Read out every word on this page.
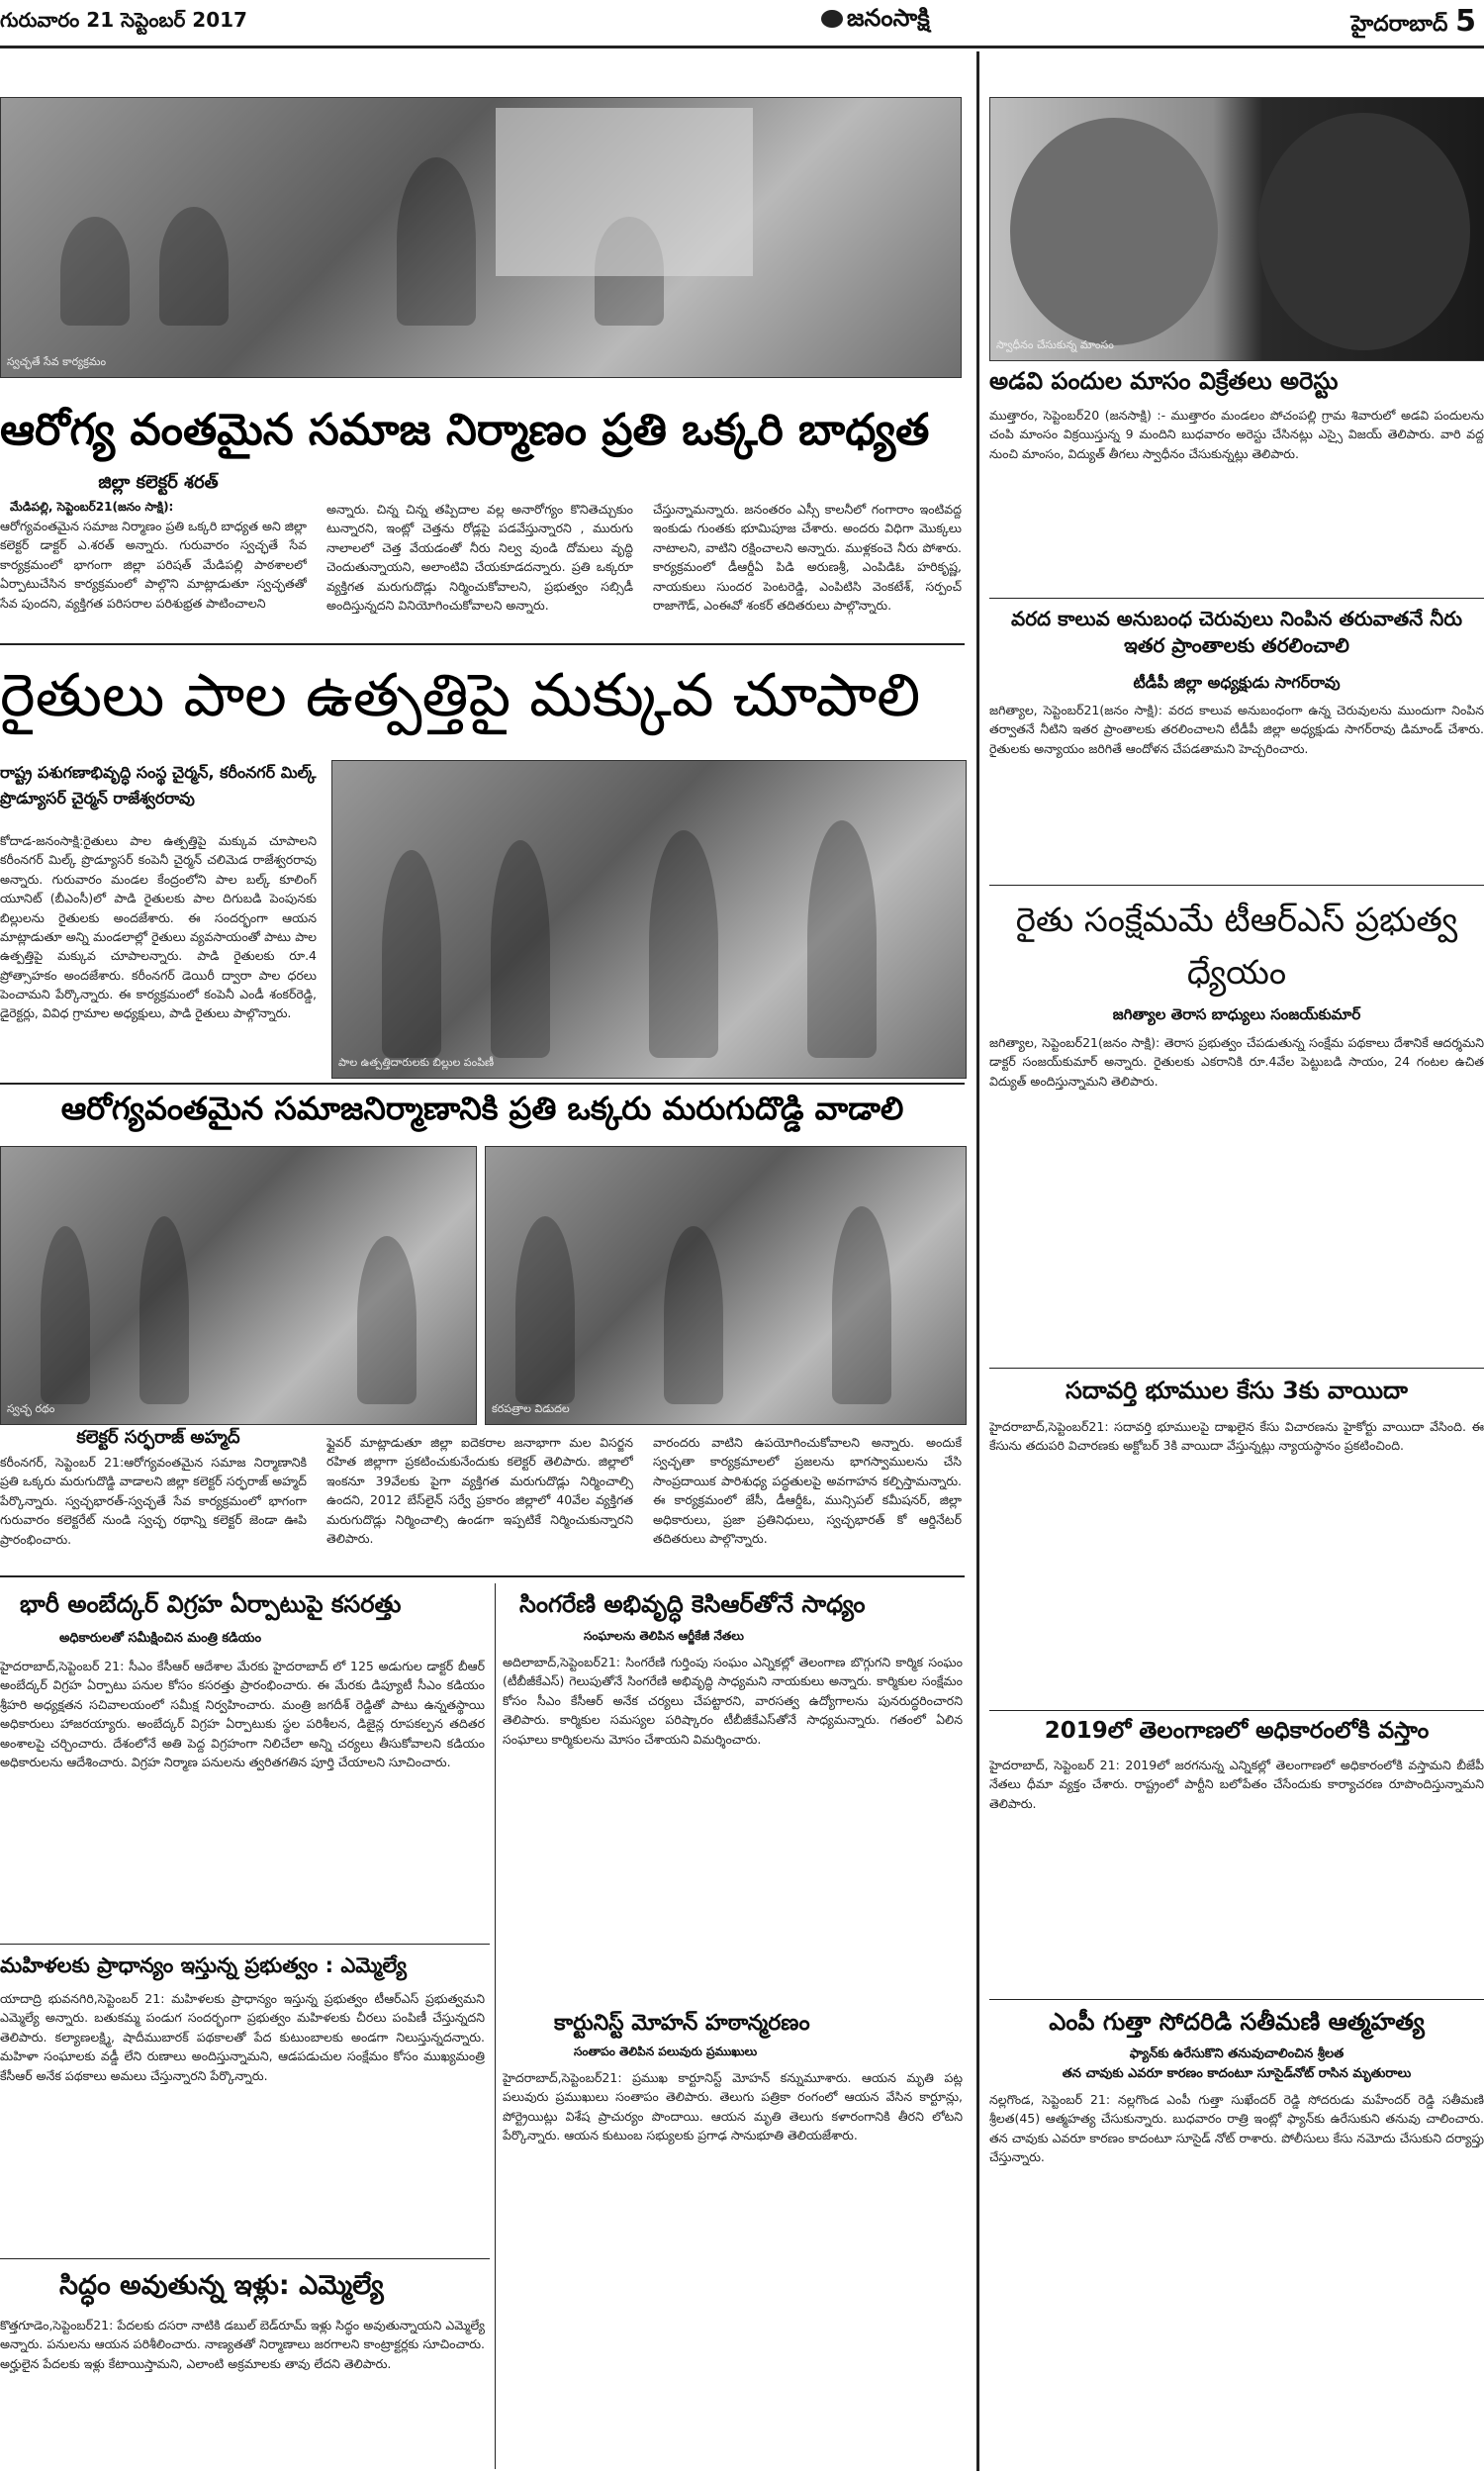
గురువారం 21 సెప్టెంబర్ 2017	జనంసాక్షి	హైదరాబాద్ 5
స్వచ్ఛతే సేవ కార్యక్రమం
ఆరోగ్య వంతమైన సమాజ నిర్మాణం ప్రతి ఒక్కరి బాధ్యత
జిల్లా కలెక్టర్ శరత్
మేడిపల్లి, సెప్టెంబర్21(జనం సాక్షి):
ఆరోగ్యవంతమైన సమాజ నిర్మాణం ప్రతి ఒక్కరి బాధ్యత అని జిల్లా కలెక్టర్ డాక్టర్ ఎ.శరత్ అన్నారు. గురువారం స్వచ్ఛతే సేవ కార్యక్రమంలో భాగంగా జిల్లా పరిషత్ మేడిపల్లి పాఠశాలలో ఏర్పాటుచేసిన కార్యక్రమంలో పాల్గొని మాట్లాడుతూ స్వచ్ఛతతో సేవ పుందని, వ్యక్తిగత పరిసరాల పరిశుభ్రత పాటించాలని
అన్నారు. చిన్న చిన్న తప్పిదాల వల్ల అనారోగ్యం కొనితెచ్చుకుం టున్నారని, ఇంట్లో చెత్తను రోడ్లపై పడవేస్తున్నారని , మురుగు నాలాలలో చెత్త వేయడంతో నీరు నిల్వ వుండి దోమలు వృద్ధి చెందుతున్నాయని, అలాంటివి చేయకూడదన్నారు. ప్రతి ఒక్కరూ వ్యక్తిగత మరుగుదొడ్లు నిర్మించుకోవాలని, ప్రభుత్వం సబ్సిడీ అందిస్తున్నదని వినియోగించుకోవాలని అన్నారు.
చేస్తున్నామన్నారు. జనంతరం ఎస్సీ కాలనీలో గంగారాం ఇంటివద్ద ఇంకుడు గుంతకు భూమిపూజ చేశారు. అందరు విధిగా మొక్కలు నాటాలని, వాటిని రక్షించాలని అన్నారు. ముళ్లకంచె నీరు పోశారు. కార్యక్రమంలో డీఆర్డీఏ పిడి అరుణశ్రీ, ఎంపిడిఓ హరికృష్ణ, నాయకులు సుందర పెంటరెడ్డి, ఎంపిటిసి వెంకటేశ్, సర్పంచ్ రాజాగౌడ్, ఎంఈవో శంకర్ తదితరులు పాల్గొన్నారు.
రైతులు పాల ఉత్పత్తిపై మక్కువ చూపాలి
రాష్ట్ర పశుగణాభివృద్ధి సంస్థ చైర్మన్, కరీంనగర్ మిల్క్ ప్రొడ్యూసర్ చైర్మన్ రాజేశ్వరరావు
కోదాడ-జనంసాక్షి:రైతులు పాల ఉత్పత్తిపై మక్కువ చూపాలని కరీంనగర్ మిల్క్ ప్రొడ్యూసర్ కంపెనీ చైర్మన్ చలిమెడ రాజేశ్వరరావు అన్నారు. గురువారం మండల కేంద్రంలోని పాల బల్క్ కూలింగ్ యూనిట్ (బీఎంసీ)లో పాడి రైతులకు పాల దిగుబడి పెంపునకు బిల్లులను రైతులకు అందజేశారు. ఈ సందర్భంగా ఆయన మాట్లాడుతూ అన్ని మండలాల్లో రైతులు వ్యవసాయంతో పాటు పాల ఉత్పత్తిపై మక్కువ చూపాలన్నారు. పాడి రైతులకు రూ.4 ప్రోత్సాహకం అందజేశారు. కరీంనగర్ డెయిరీ ద్వారా పాల ధరలు పెంచామని పేర్కొన్నారు. ఈ కార్యక్రమంలో కంపెనీ ఎండీ శంకర్‌రెడ్డి, డైరెక్టర్లు, వివిధ గ్రామాల అధ్యక్షులు, పాడి రైతులు పాల్గొన్నారు.
పాల ఉత్పత్తిదారులకు బిల్లుల పంపిణీ
ఆరోగ్యవంతమైన సమాజనిర్మాణానికి ప్రతి ఒక్కరు మరుగుదొడ్డి వాడాలి
స్వచ్ఛ రథం	కరపత్రాల విడుదల
కలెక్టర్ సర్ఫరాజ్ అహ్మద్
కరీంనగర్, సెప్టెంబర్ 21:ఆరోగ్యవంతమైన సమాజ నిర్మాణానికి ప్రతి ఒక్కరు మరుగుదొడ్డి వాడాలని జిల్లా కలెక్టర్ సర్ఫరాజ్ అహ్మద్ పేర్కొన్నారు. స్వచ్ఛభారత్-స్వచ్ఛతే సేవ కార్యక్రమంలో భాగంగా గురువారం కలెక్టరేట్ నుండి స్వచ్ఛ రథాన్ని కలెక్టర్ జెండా ఊపి ప్రారంభించారు.
ఫ్లైవర్ మాట్లాడుతూ జిల్లా ఐదెకరాల జనాభాగా మల విసర్జన రహిత జిల్లాగా ప్రకటించుకునేందుకు కలెక్టర్ తెలిపారు. జిల్లాలో ఇంకనూ 39వేలకు పైగా వ్యక్తిగత మరుగుదొడ్లు నిర్మించాల్సి ఉందని, 2012 బేస్‌లైన్ సర్వే ప్రకారం జిల్లాలో 40వేల వ్యక్తిగత మరుగుదొడ్లు నిర్మించాల్సి ఉండగా ఇప్పటికే నిర్మించుకున్నారని తెలిపారు.
వారందరు వాటిని ఉపయోగించుకోవాలని అన్నారు. అందుకే స్వచ్ఛతా కార్యక్రమాలలో ప్రజలను భాగస్వాములను చేసి సాంప్రదాయిక పారిశుధ్య పద్ధతులపై అవగాహన కల్పిస్తామన్నారు. ఈ కార్యక్రమంలో జేసీ, డీఆర్డీఓ, మున్సిపల్ కమీషనర్, జిల్లా అధికారులు, ప్రజా ప్రతినిధులు, స్వచ్ఛభారత్ కో ఆర్డినేటర్ తదితరులు పాల్గొన్నారు.
భారీ అంబేద్కర్ విగ్రహ ఏర్పాటుపై కసరత్తు
అధికారులతో సమీక్షించిన మంత్రి కడియం
హైదరాబాద్,సెప్టెంబర్ 21: సీఎం కేసీఆర్ ఆదేశాల మేరకు హైదరాబాద్ లో 125 అడుగుల డాక్టర్ బీఆర్ అంబేద్కర్ విగ్రహ ఏర్పాటు పనుల కోసం కసరత్తు ప్రారంభించారు. ఈ మేరకు డిప్యూటీ సీఎం కడియం శ్రీహరి అధ్యక్షతన సచివాలయంలో సమీక్ష నిర్వహించారు. మంత్రి జగదీశ్ రెడ్డితో పాటు ఉన్నతస్థాయి అధికారులు హాజరయ్యారు. అంబేద్కర్ విగ్రహ ఏర్పాటుకు స్థల పరిశీలన, డిజైన్ల రూపకల్పన తదితర అంశాలపై చర్చించారు. దేశంలోనే అతి పెద్ద విగ్రహంగా నిలిచేలా అన్ని చర్యలు తీసుకోవాలని కడియం అధికారులను ఆదేశించారు. విగ్రహ నిర్మాణ పనులను త్వరితగతిన పూర్తి చేయాలని సూచించారు.
మహిళలకు ప్రాధాన్యం ఇస్తున్న ప్రభుత్వం : ఎమ్మెల్యే
యాదాద్రి భువనగిరి,సెప్టెంబర్ 21: మహిళలకు ప్రాధాన్యం ఇస్తున్న ప్రభుత్వం టీఆర్ఎస్ ప్రభుత్వమని ఎమ్మెల్యే అన్నారు. బతుకమ్మ పండుగ సందర్భంగా ప్రభుత్వం మహిళలకు చీరలు పంపిణీ చేస్తున్నదని తెలిపారు. కల్యాణలక్ష్మి, షాదీముబారక్ పథకాలతో పేద కుటుంబాలకు అండగా నిలుస్తున్నదన్నారు. మహిళా సంఘాలకు వడ్డీ లేని రుణాలు అందిస్తున్నామని, ఆడపడుచుల సంక్షేమం కోసం ముఖ్యమంత్రి కేసీఆర్ అనేక పథకాలు అమలు చేస్తున్నారని పేర్కొన్నారు.
సిద్ధం అవుతున్న ఇళ్లు: ఎమ్మెల్యే
కొత్తగూడెం,సెప్టెంబర్21: పేదలకు దసరా నాటికి డబుల్ బెడ్‌రూమ్ ఇళ్లు సిద్ధం అవుతున్నాయని ఎమ్మెల్యే అన్నారు. పనులను ఆయన పరిశీలించారు. నాణ్యతతో నిర్మాణాలు జరగాలని కాంట్రాక్టర్లకు సూచించారు. అర్హులైన పేదలకు ఇళ్లు కేటాయిస్తామని, ఎలాంటి అక్రమాలకు తావు లేదని తెలిపారు.
సింగరేణి అభివృద్ధి కెసిఆర్‌తోనే సాధ్యం
సంఘాలను తెలిపిన ఆర్జీకేజీ నేతలు
అదిలాబాద్,సెప్టెంబర్21: సింగరేణి గుర్తింపు సంఘం ఎన్నికల్లో తెలంగాణ బొగ్గుగని కార్మిక సంఘం (టీబీజీకేఎస్) గెలుపుతోనే సింగరేణి అభివృద్ధి సాధ్యమని నాయకులు అన్నారు. కార్మికుల సంక్షేమం కోసం సీఎం కేసీఆర్ అనేక చర్యలు చేపట్టారని, వారసత్వ ఉద్యోగాలను పునరుద్ధరించారని తెలిపారు. కార్మికుల సమస్యల పరిష్కారం టీబీజీకేఎస్‌తోనే సాధ్యమన్నారు. గతంలో ఏలిన సంఘాలు కార్మికులను మోసం చేశాయని విమర్శించారు.
కార్టునిస్ట్ మోహన్ హఠాన్మరణం
సంతాపం తెలిపిన పలువురు ప్రముఖులు
హైదరాబాద్,సెప్టెంబర్21: ప్రముఖ కార్టూనిస్ట్ మోహన్ కన్నుమూశారు. ఆయన మృతి పట్ల పలువురు ప్రముఖులు సంతాపం తెలిపారు. తెలుగు పత్రికా రంగంలో ఆయన వేసిన కార్టూన్లు, పోర్ట్రెయిట్లు విశేష ప్రాచుర్యం పొందాయి. ఆయన మృతి తెలుగు కళారంగానికి తీరని లోటని పేర్కొన్నారు. ఆయన కుటుంబ సభ్యులకు ప్రగాఢ సానుభూతి తెలియజేశారు.
స్వాధీనం చేసుకున్న మాంసం
అడవి పందుల మాసం విక్రేతలు అరెస్టు
ముత్తారం, సెప్టెంబర్20 (జనసాక్షి) :- ముత్తారం మండలం పోచంపల్లి గ్రామ శివారులో అడవి పందులను చంపి మాంసం విక్రయిస్తున్న 9 మందిని బుధవారం అరెస్టు చేసినట్లు ఎస్సై విజయ్ తెలిపారు. వారి వద్ద నుంచి మాంసం, విద్యుత్ తీగలు స్వాధీనం చేసుకున్నట్లు తెలిపారు.
వరద కాలువ అనుబంధ చెరువులు నింపిన తరువాతనే నీరు ఇతర ప్రాంతాలకు తరలించాలి
టీడీపీ జిల్లా అధ్యక్షుడు సాగర్‌రావు
జగిత్యాల, సెప్టెంబర్21(జనం సాక్షి): వరద కాలువ అనుబంధంగా ఉన్న చెరువులను ముందుగా నింపిన తర్వాతనే నీటిని ఇతర ప్రాంతాలకు తరలించాలని టీడీపీ జిల్లా అధ్యక్షుడు సాగర్‌రావు డిమాండ్ చేశారు. రైతులకు అన్యాయం జరిగితే ఆందోళన చేపడతామని హెచ్చరించారు.
రైతు సంక్షేమమే టీఆర్ఎస్ ప్రభుత్వ ధ్యేయం
జగిత్యాల తెరాస బాధ్యులు సంజయ్‌కుమార్
జగిత్యాల, సెప్టెంబర్21(జనం సాక్షి): తెరాస ప్రభుత్వం చేపడుతున్న సంక్షేమ పథకాలు దేశానికే ఆదర్శమని డాక్టర్ సంజయ్‌కుమార్ అన్నారు. రైతులకు ఎకరానికి రూ.4వేల పెట్టుబడి సాయం, 24 గంటల ఉచిత విద్యుత్ అందిస్తున్నామని తెలిపారు.
సదావర్తి భూముల కేసు 3కు వాయిదా
హైదరాబాద్,సెప్టెంబర్21: సదావర్తి భూములపై దాఖలైన కేసు విచారణను హైకోర్టు వాయిదా వేసింది. ఈ కేసును తదుపరి విచారణకు అక్టోబర్ 3కి వాయిదా వేస్తున్నట్లు న్యాయస్థానం ప్రకటించింది.
2019లో తెలంగాణలో అధికారంలోకి వస్తాం
హైదరాబాద్, సెప్టెంబర్ 21: 2019లో జరగనున్న ఎన్నికల్లో తెలంగాణలో అధికారంలోకి వస్తామని బీజేపీ నేతలు ధీమా వ్యక్తం చేశారు. రాష్ట్రంలో పార్టీని బలోపేతం చేసేందుకు కార్యాచరణ రూపొందిస్తున్నామని తెలిపారు.
ఎంపీ గుత్తా సోదరిడి సతీమణి ఆత్మహత్య
ఫ్యాన్‌కు ఉరేసుకొని తనువుచాలించిన శ్రీలత
తన చావుకు ఎవరూ కారణం కాదంటూ సూసైడ్‌నోట్ రాసిన మృతురాలు
నల్లగొండ, సెప్టెంబర్ 21: నల్లగొండ ఎంపీ గుత్తా సుఖేందర్ రెడ్డి సోదరుడు మహేందర్ రెడ్డి సతీమణి శ్రీలత(45) ఆత్మహత్య చేసుకున్నారు. బుధవారం రాత్రి ఇంట్లో ఫ్యాన్‌కు ఉరేసుకుని తనువు చాలించారు. తన చావుకు ఎవరూ కారణం కాదంటూ సూసైడ్ నోట్ రాశారు. పోలీసులు కేసు నమోదు చేసుకుని దర్యాప్తు చేస్తున్నారు.
